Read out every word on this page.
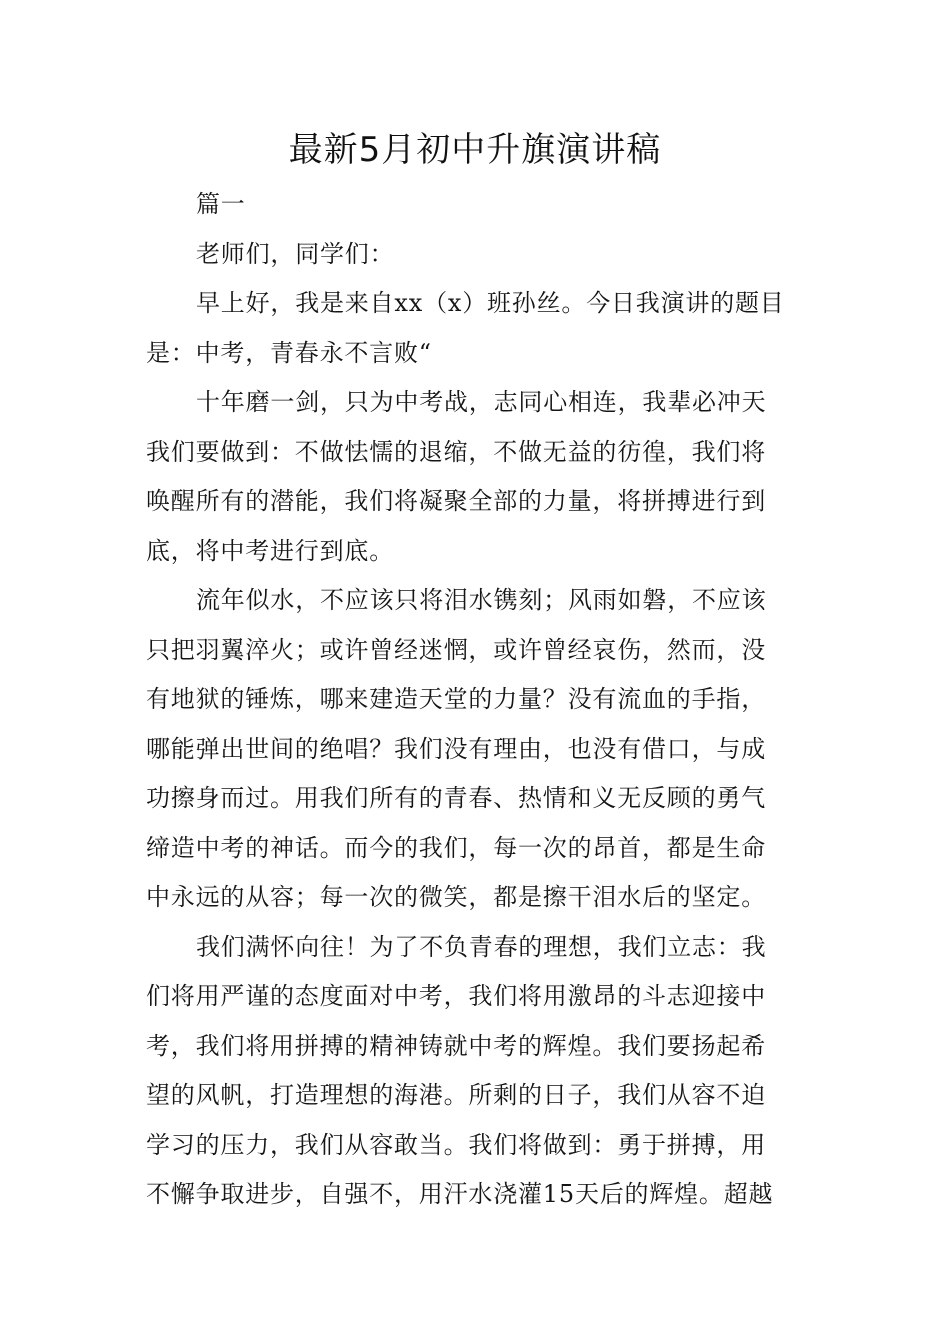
最新5月初中升旗演讲稿

篇一

老师们，同学们：

早上好，我是来自xx（x）班孙丝。今日我演讲的题目
是：中考，青春永不言败“

十年磨一剑，只为中考战，志同心相连，我辈必冲天
我们要做到：不做怯懦的退缩，不做无益的彷徨，我们将
唤醒所有的潜能，我们将凝聚全部的力量，将拼搏进行到
底，将中考进行到底。

流年似水，不应该只将泪水镌刻；风雨如磐，不应该
只把羽翼淬火；或许曾经迷惘，或许曾经哀伤，然而，没
有地狱的锤炼，哪来建造天堂的力量？没有流血的手指，
哪能弹出世间的绝唱？我们没有理由，也没有借口，与成
功擦身而过。用我们所有的青春、热情和义无反顾的勇气
缔造中考的神话。而今的我们，每一次的昂首，都是生命
中永远的从容；每一次的微笑，都是擦干泪水后的坚定。

我们满怀向往！为了不负青春的理想，我们立志：我
们将用严谨的态度面对中考，我们将用激昂的斗志迎接中
考，我们将用拼搏的精神铸就中考的辉煌。我们要扬起希
望的风帆，打造理想的海港。所剩的日子，我们从容不迫
学习的压力，我们从容敢当。我们将做到：勇于拼搏，用
不懈争取进步，自强不，用汗水浇灌15天后的辉煌。超越
